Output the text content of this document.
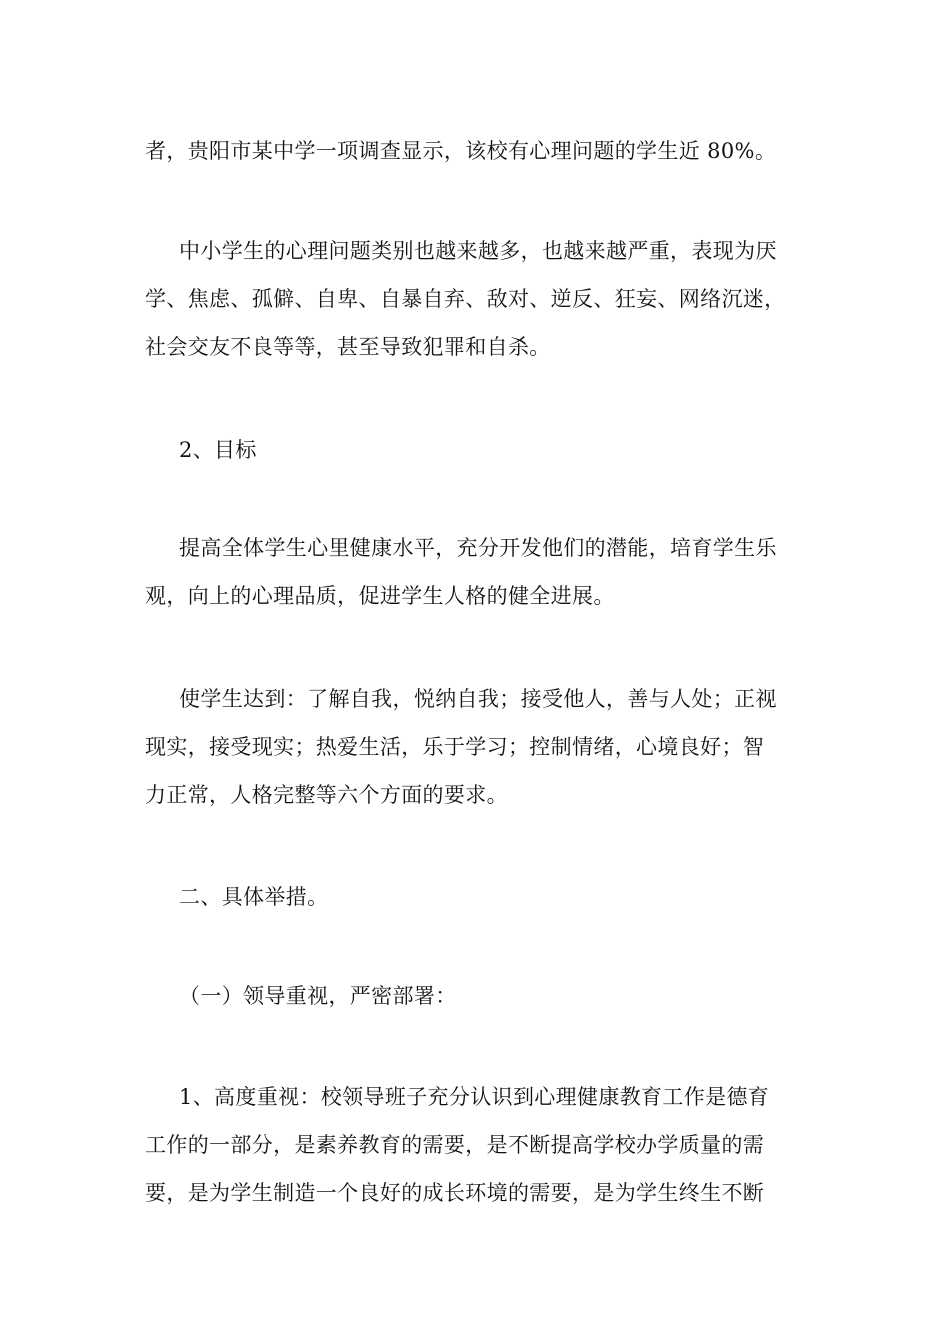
者，贵阳市某中学一项调查显示，该校有心理问题的学生近 80%。

中小学生的心理问题类别也越来越多，也越来越严重，表现为厌
学、焦虑、孤僻、自卑、自暴自弃、敌对、逆反、狂妄、网络沉迷，
社会交友不良等等，甚至导致犯罪和自杀。

2、目标

提高全体学生心里健康水平，充分开发他们的潜能，培育学生乐
观，向上的心理品质，促进学生人格的健全进展。

使学生达到：了解自我，悦纳自我；接受他人，善与人处；正视
现实，接受现实；热爱生活，乐于学习；控制情绪，心境良好；智
力正常，人格完整等六个方面的要求。

二、具体举措。

（一）领导重视，严密部署：

1、高度重视：校领导班子充分认识到心理健康教育工作是德育
工作的一部分，是素养教育的需要，是不断提高学校办学质量的需
要，是为学生制造一个良好的成长环境的需要，是为学生终生不断
